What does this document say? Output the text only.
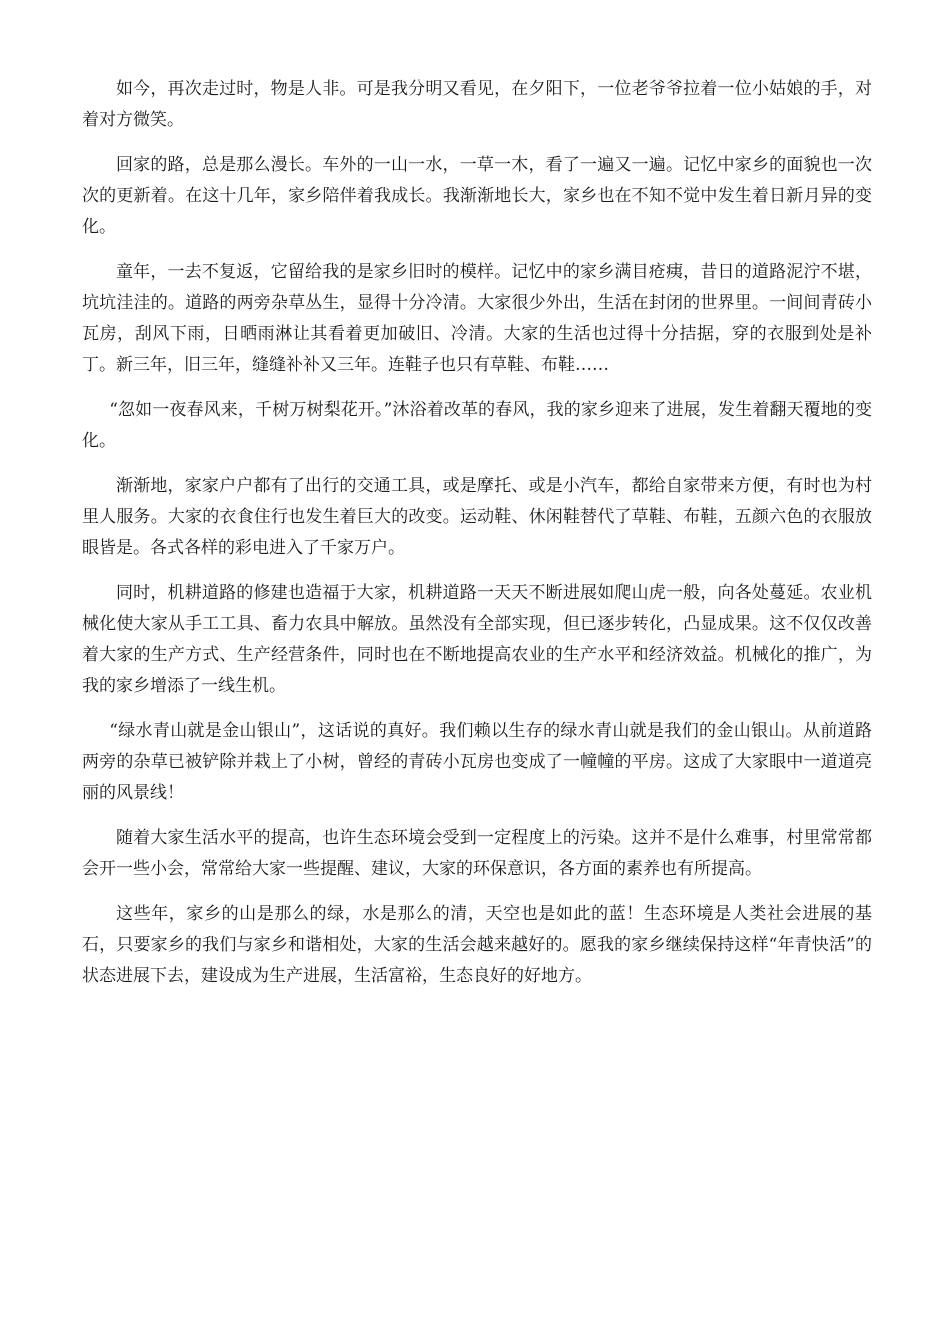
如今，再次走过时，物是人非。可是我分明又看见，在夕阳下，一位老爷爷拉着一位小姑娘的手，对着对方微笑。

回家的路，总是那么漫长。车外的一山一水，一草一木，看了一遍又一遍。记忆中家乡的面貌也一次次的更新着。在这十几年，家乡陪伴着我成长。我渐渐地长大，家乡也在不知不觉中发生着日新月异的变化。

童年，一去不复返，它留给我的是家乡旧时的模样。记忆中的家乡满目疮痍，昔日的道路泥泞不堪，坑坑洼洼的。道路的两旁杂草丛生，显得十分冷清。大家很少外出，生活在封闭的世界里。一间间青砖小瓦房，刮风下雨，日晒雨淋让其看着更加破旧、冷清。大家的生活也过得十分拮据，穿的衣服到处是补丁。新三年，旧三年，缝缝补补又三年。连鞋子也只有草鞋、布鞋……

“忽如一夜春风来，千树万树梨花开。”沐浴着改革的春风，我的家乡迎来了进展，发生着翻天覆地的变化。

渐渐地，家家户户都有了出行的交通工具，或是摩托、或是小汽车，都给自家带来方便，有时也为村里人服务。大家的衣食住行也发生着巨大的改变。运动鞋、休闲鞋替代了草鞋、布鞋，五颜六色的衣服放眼皆是。各式各样的彩电进入了千家万户。

同时，机耕道路的修建也造福于大家，机耕道路一天天不断进展如爬山虎一般，向各处蔓延。农业机械化使大家从手工工具、畜力农具中解放。虽然没有全部实现，但已逐步转化，凸显成果。这不仅仅改善着大家的生产方式、生产经营条件，同时也在不断地提高农业的生产水平和经济效益。机械化的推广，为我的家乡增添了一线生机。

“绿水青山就是金山银山”，这话说的真好。我们赖以生存的绿水青山就是我们的金山银山。从前道路两旁的杂草已被铲除并栽上了小树，曾经的青砖小瓦房也变成了一幢幢的平房。这成了大家眼中一道道亮丽的风景线！

随着大家生活水平的提高，也许生态环境会受到一定程度上的污染。这并不是什么难事，村里常常都会开一些小会，常常给大家一些提醒、建议，大家的环保意识，各方面的素养也有所提高。

这些年，家乡的山是那么的绿，水是那么的清，天空也是如此的蓝！生态环境是人类社会进展的基石，只要家乡的我们与家乡和谐相处，大家的生活会越来越好的。愿我的家乡继续保持这样“年青快活”的状态进展下去，建设成为生产进展，生活富裕，生态良好的好地方。
